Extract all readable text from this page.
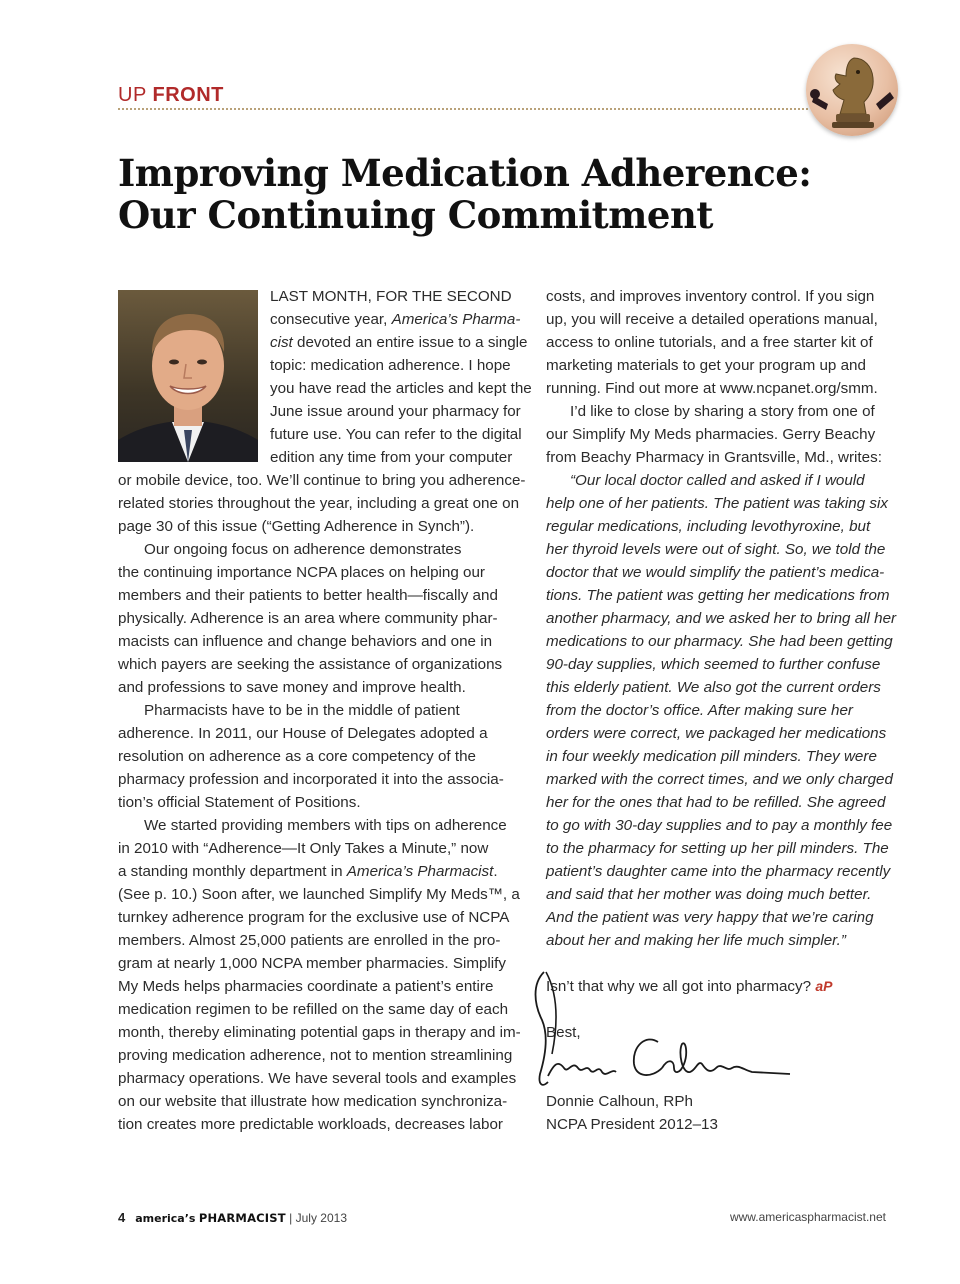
UP FRONT
Improving Medication Adherence:
Our Continuing Commitment
LAST MONTH, FOR THE SECOND
consecutive year, America’s Pharma-
cist devoted an entire issue to a single
topic: medication adherence. I hope
you have read the articles and kept the
June issue around your pharmacy for
future use. You can refer to the digital
edition any time from your computer
or mobile device, too. We’ll continue to bring you adherence-
related stories throughout the year, including a great one on
page 30 of this issue (“Getting Adherence in Synch”).
Our ongoing focus on adherence demonstrates
the continuing importance NCPA places on helping our
members and their patients to better health—fiscally and
physically. Adherence is an area where community phar-
macists can influence and change behaviors and one in
which payers are seeking the assistance of organizations
and professions to save money and improve health.
Pharmacists have to be in the middle of patient
adherence. In 2011, our House of Delegates adopted a
resolution on adherence as a core competency of the
pharmacy profession and incorporated it into the associa-
tion’s official Statement of Positions.
We started providing members with tips on adherence
in 2010 with “Adherence—It Only Takes a Minute,” now
a standing monthly department in America’s Pharmacist.
(See p. 10.) Soon after, we launched Simplify My Meds™, a
turnkey adherence program for the exclusive use of NCPA
members. Almost 25,000 patients are enrolled in the pro-
gram at nearly 1,000 NCPA member pharmacies. Simplify
My Meds helps pharmacies coordinate a patient’s entire
medication regimen to be refilled on the same day of each
month, thereby eliminating potential gaps in therapy and im-
proving medication adherence, not to mention streamlining
pharmacy operations. We have several tools and examples
on our website that illustrate how medication synchroniza-
tion creates more predictable workloads, decreases labor
costs, and improves inventory control. If you sign
up, you will receive a detailed operations manual,
access to online tutorials, and a free starter kit of
marketing materials to get your program up and
running. Find out more at www.ncpanet.org/smm.
I’d like to close by sharing a story from one of
our Simplify My Meds pharmacies. Gerry Beachy
from Beachy Pharmacy in Grantsville, Md., writes:
“Our local doctor called and asked if I would
help one of her patients. The patient was taking six
regular medications, including levothyroxine, but
her thyroid levels were out of sight. So, we told the
doctor that we would simplify the patient’s medica-
tions. The patient was getting her medications from
another pharmacy, and we asked her to bring all her
medications to our pharmacy. She had been getting
90-day supplies, which seemed to further confuse
this elderly patient. We also got the current orders
from the doctor’s office. After making sure her
orders were correct, we packaged her medications
in four weekly medication pill minders. They were
marked with the correct times, and we only charged
her for the ones that had to be refilled. She agreed
to go with 30-day supplies and to pay a monthly fee
to the pharmacy for setting up her pill minders. The
patient’s daughter came into the pharmacy recently
and said that her mother was doing much better.
And the patient was very happy that we’re caring
about her and making her life much simpler.”
Isn’t that why we all got into pharmacy? aP
Best,
Donnie Calhoun, RPh
NCPA President 2012–13
4 america’s PHARMACIST | July 2013	www.americaspharmacist.net
